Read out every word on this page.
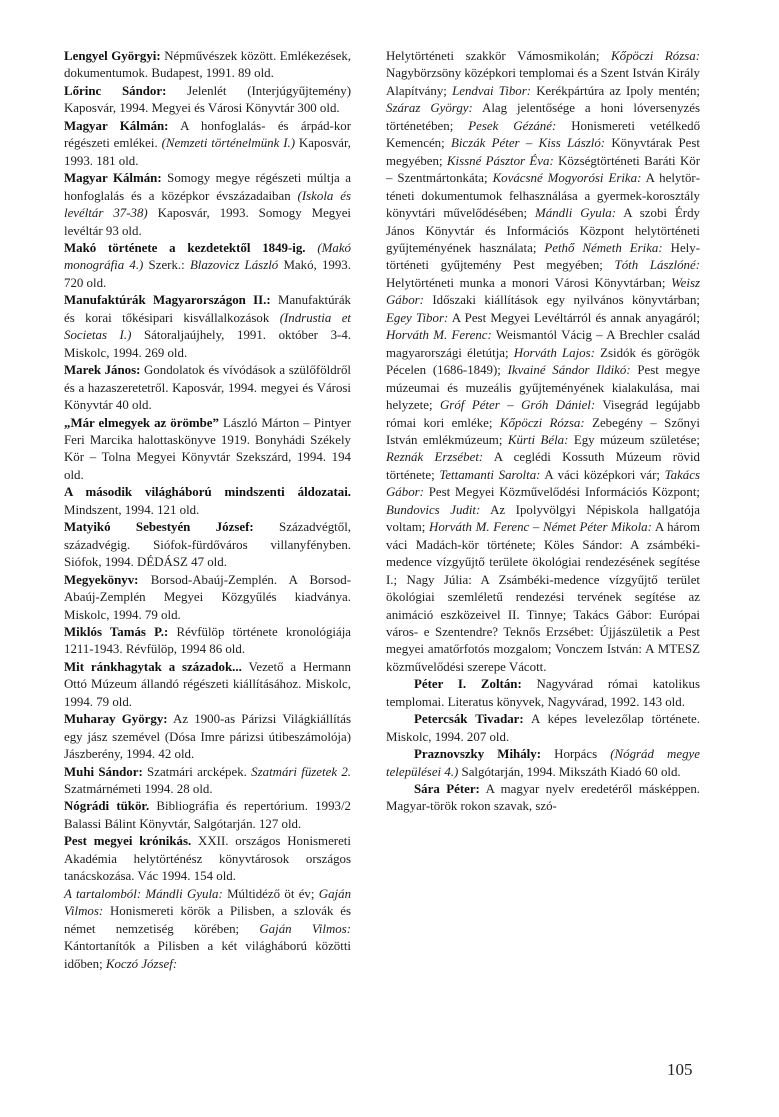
Lengyel Györgyi: Népművészek között. Emlékezések, dokumentumok. Budapest, 1991. 89 old.

Lőrinc Sándor: Jelenlét (Interjúgyűjtemény) Kaposvár, 1994. Megyei és Városi Könyvtár 300 old.

Magyar Kálmán: A honfoglalás- és árpád-kor régészeti emlékei. (Nemzeti történelmünk I.) Kaposvár, 1993. 181 old.

Magyar Kálmán: Somogy megye régészeti múltja a honfoglalás és a középkor évszázadaiban (Iskola és levéltár 37-38) Kaposvár, 1993. Somogy Megyei levéltár 93 old.

Makó története a kezdetektől 1849-ig. (Makó monográfia 4.) Szerk.: Blazovicz László Makó, 1993. 720 old.

Manufaktúrák Magyarországon II.: Manufaktúrák és korai tőkésipari kisvállalkozások (Indrustia et Societas I.) Sátoraljaújhely, 1991. október 3-4. Miskolc, 1994. 269 old.

Marek János: Gondolatok és vívódások a szülőföldről és a hazaszeretetről. Kaposvár, 1994. megyei és Városi Könyvtár 40 old.

„Már elmegyek az örömbe” László Márton – Pintyer Feri Marcika halottaskönyve 1919. Bonyhádi Székely Kör – Tolna Megyei Könyvtár Szekszárd, 1994. 194 old.

A második világháború mindszenti áldozatai. Mindszent, 1994. 121 old.

Matyikó Sebestyén József: Századvégtől, századvégig. Siófok-fürdőváros villanyfényben. Siófok, 1994. DÉDÁSZ 47 old.

Megyekönyv: Borsod-Abaúj-Zemplén. A Borsod-Abaúj-Zemplén Megyei Közgyűlés kiadványa. Miskolc, 1994. 79 old.

Miklós Tamás P.: Révfülöp története kronológiája 1211-1943. Révfülöp, 1994 86 old.

Mit ránkhagytak a századok... Vezető a Hermann Ottó Múzeum állandó régészeti kiállításához. Miskolc, 1994. 79 old.

Muharay György: Az 1900-as Párizsi Világkiállítás egy jász szemével (Dósa Imre párizsi útibeszámolója) Jászberény, 1994. 42 old.

Muhi Sándor: Szatmári arcképek. Szatmári füzetek 2. Szatmárnémeti 1994. 28 old.

Nógrádi tükör. Bibliográfia és repertórium. 1993/2 Balassi Bálint Könyvtár, Salgótarján. 127 old.

Pest megyei krónikás. XXII. országos Honismereti Akadémia helytörténész könyvtárosok országos tanácskozása. Vác 1994. 154 old.

A tartalomból: Mándli Gyula: Múltidéző öt év; Gaján Vilmos: Honismereti körök a Pilisben, a szlovák és német nemzetiség körében; Gaján Vilmos: Kántortanítók a Pilisben a két világháború közötti időben; Koczó József:

Helytörténeti szakkör Vámosmikolán; Kőpöczi Rózsa: Nagybörzsöny középkori templomai és a Szent István Király Alapítvány; Lendvai Tibor: Kerékpártúra az Ipoly mentén; Száraz György: Alag jelentősége a honi lóversenyzés történetében; Pesek Gézáné: Honismereti vetélkedő Kemencén; Biczák Péter – Kiss László: Könyvtárak Pest megyében; Kissné Pásztor Éva: Községtörténeti Baráti Kör – Szentmártonkáta; Kovácsné Mogyorósi Erika: A helytörténeti dokumentumok felhasználása a gyermek-korosztály könyvtári művelődésében; Mándli Gyula: A szobi Érdy János Könyvtár és Információs Központ helytörténeti gyűjteményének használata; Pethő Németh Erika: Helytörténeti gyűjtemény Pest megyében; Tóth Lászlóné: Helytörténeti munka a monori Városi Könyvtárban; Weisz Gábor: Időszaki kiállítások egy nyilvános könyvtárban; Egey Tibor: A Pest Megyei Levéltárról és annak anyagáról; Horváth M. Ferenc: Weismantól Vácig – A Brechler család magyarországi életútja; Horváth Lajos: Zsidók és görögök Pécelen (1686-1849); Ikvainé Sándor Ildikó: Pest megye múzeumai és muzeális gyűjteményének kialakulása, mai helyzete; Gróf Péter – Gróh Dániel: Visegrád legújabb római kori emléke; Kőpöczi Rózsa: Zebegény – Szőnyi István emlékmúzeum; Kürti Béla: Egy múzeum születése; Reznák Erzsébet: A ceglédi Kossuth Múzeum rövid története; Tettamanti Sarolta: A váci középkori vár; Takács Gábor: Pest Megyei Közművelődési Információs Központ; Bundovics Judit: Az Ipolyvölgyi Népiskola hallgatója voltam; Horváth M. Ferenc – Német Péter Mikola: A három váci Madách-kör története; Köles Sándor: A zsámbéki-medence vízgyűjtő területe ökológiai rendezésének segítése I.; Nagy Júlia: A Zsámbéki-medence vízgyűjtő terület ökológiai szemléletű rendezési tervének segítése az animáció eszközeivel II. Tinnye; Takács Gábor: Európai város- e Szentendre? Teknős Erzsébet: Újjászületik a Pest megyei amatőrfotós mozgalom; Vonczem István: A MTESZ közművelődési szerepe Vácott.

Péter I. Zoltán: Nagyvárad római katolikus templomai. Literatus könyvek, Nagyvárad, 1992. 143 old.

Petercsák Tivadar: A képes levelezőlap története. Miskolc, 1994. 207 old.

Praznovszky Mihály: Horpács (Nógrád megye települései 4.) Salgótarján, 1994. Mikszáth Kiadó 60 old.

Sára Péter: A magyar nyelv eredetéről másképpen. Magyar-török rokon szavak, szó-

105
